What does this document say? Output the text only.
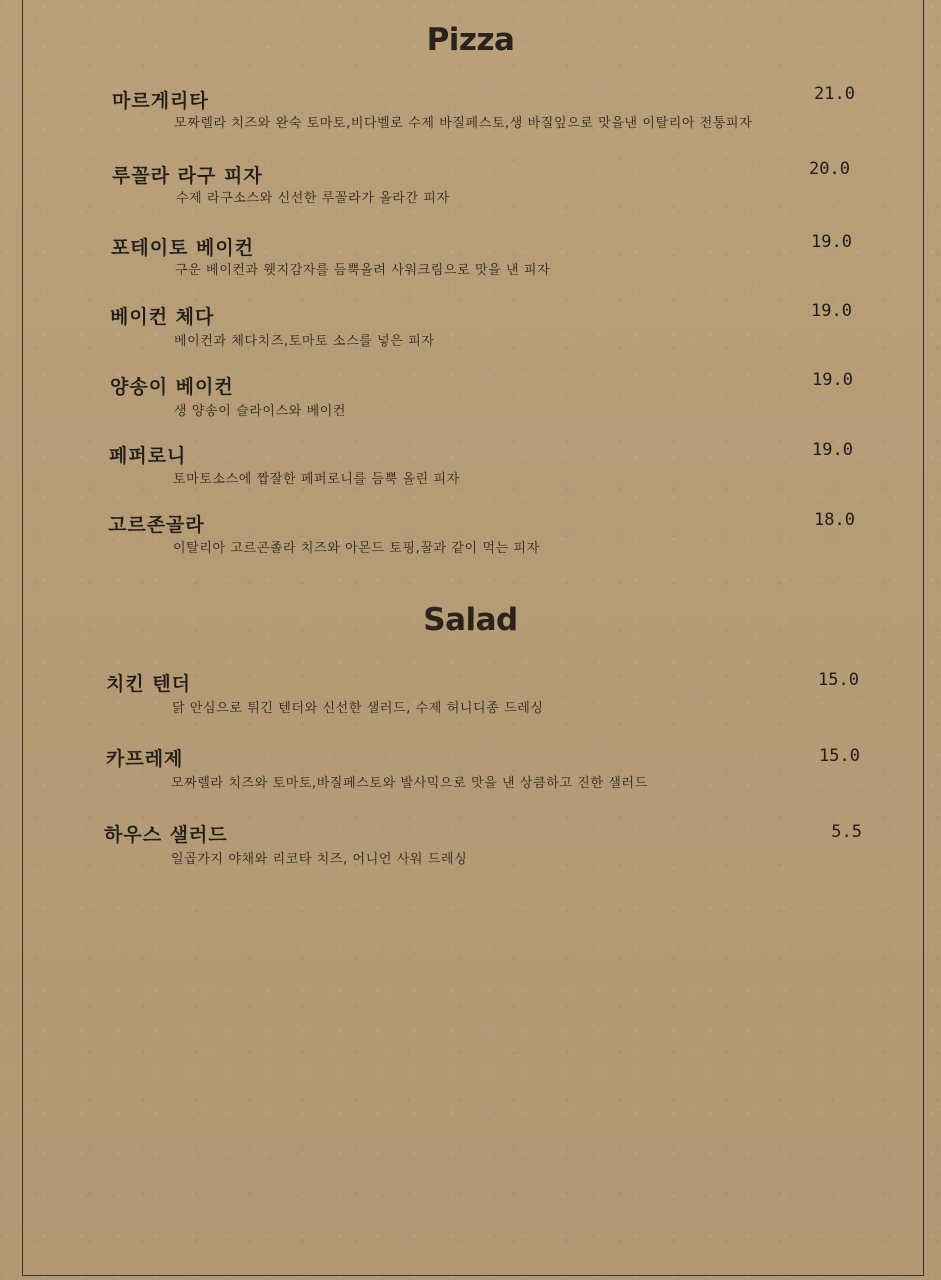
Pizza
마르게리타
모짜렐라 치즈와 완숙 토마토,비다벨로 수제 바질페스토,생 바질잎으로 맛을낸 이탈리아 전통피자
21.0
루꼴라 라구 피자
수제 라구소스와 신선한 루꼴라가 올라간 피자
20.0
포테이토 베이컨
구운 베이컨과 웻지감자를 듬뿍올려 사워크림으로 맛을 낸 피자
19.0
베이컨 체다
베이컨과 체다치즈,토마토 소스를 넣은 피자
19.0
양송이 베이컨
생 양송이 슬라이스와 베이컨
19.0
페퍼로니
토마토소스에 짭잘한 페퍼로니를 듬뿍 올린 피자
19.0
고르존골라
이탈리아 고르곤졸라 치즈와 아몬드 토핑,꿀과 같이 먹는 피자
18.0
Salad
치킨 텐더
닭 안심으로 튀긴 텐더와 신선한 샐러드, 수제 허니디종 드레싱
15.0
카프레제
모짜렐라 치즈와 토마토,바질페스토와 발사믹으로 맛을 낸 상큼하고 진한 샐러드
15.0
하우스 샐러드
일곱가지 야채와 리코타 치즈, 어니언 사워 드레싱
5.5
